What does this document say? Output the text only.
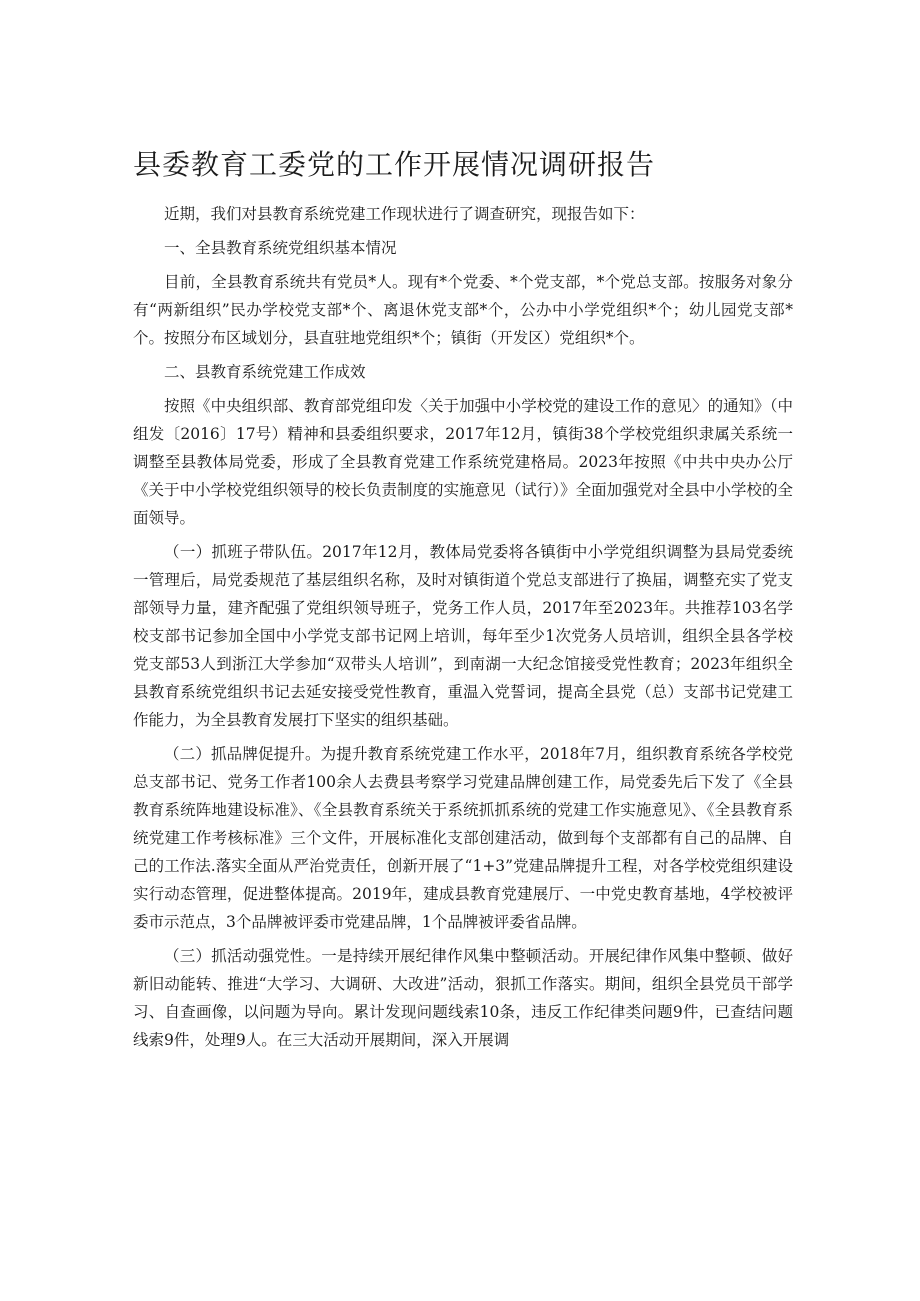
县委教育工委党的工作开展情况调研报告

近期，我们对县教育系统党建工作现状进行了调查研究，现报告如下：

一、全县教育系统党组织基本情况

目前，全县教育系统共有党员*人。现有*个党委、*个党支部，*个党总支部。按服务对象分有“两新组织”民办学校党支部*个、离退休党支部*个，公办中小学党组织*个；幼儿园党支部*个。按照分布区域划分，县直驻地党组织*个；镇街（开发区）党组织*个。

二、县教育系统党建工作成效

按照《中央组织部、教育部党组印发〈关于加强中小学校党的建设工作的意见〉的通知》（中组发〔2016〕17号）精神和县委组织要求，2017年12月，镇街38个学校党组织隶属关系统一调整至县教体局党委，形成了全县教育党建工作系统党建格局。2023年按照《中共中央办公厅《关于中小学校党组织领导的校长负责制度的实施意见（试行）》全面加强党对全县中小学校的全面领导。

（一）抓班子带队伍。2017年12月，教体局党委将各镇街中小学党组织调整为县局党委统一管理后，局党委规范了基层组织名称，及时对镇街道个党总支部进行了换届，调整充实了党支部领导力量，建齐配强了党组织领导班子，党务工作人员，2017年至2023年。共推荐103名学校支部书记参加全国中小学党支部书记网上培训，每年至少1次党务人员培训，组织全县各学校党支部53人到浙江大学参加“双带头人培训”，到南湖一大纪念馆接受党性教育；2023年组织全县教育系统党组织书记去延安接受党性教育，重温入党誓词，提高全县党（总）支部书记党建工作能力，为全县教育发展打下坚实的组织基础。

（二）抓品牌促提升。为提升教育系统党建工作水平，2018年7月，组织教育系统各学校党总支部书记、党务工作者100余人去费县考察学习党建品牌创建工作，局党委先后下发了《全县教育系统阵地建设标准》、《全县教育系统关于系统抓抓系统的党建工作实施意见》、《全县教育系统党建工作考核标准》三个文件，开展标准化支部创建活动，做到每个支部都有自己的品牌、自己的工作法.落实全面从严治党责任，创新开展了“1+3”党建品牌提升工程，对各学校党组织建设实行动态管理，促进整体提高。2019年，建成县教育党建展厅、一中党史教育基地，4学校被评委市示范点，3个品牌被评委市党建品牌，1个品牌被评委省品牌。

（三）抓活动强党性。一是持续开展纪律作风集中整顿活动。开展纪律作风集中整顿、做好新旧动能转、推进“大学习、大调研、大改进”活动，狠抓工作落实。期间，组织全县党员干部学习、自查画像，以问题为导向。累计发现问题线索10条，违反工作纪律类问题9件，已查结问题线索9件，处理9人。在三大活动开展期间，深入开展调
